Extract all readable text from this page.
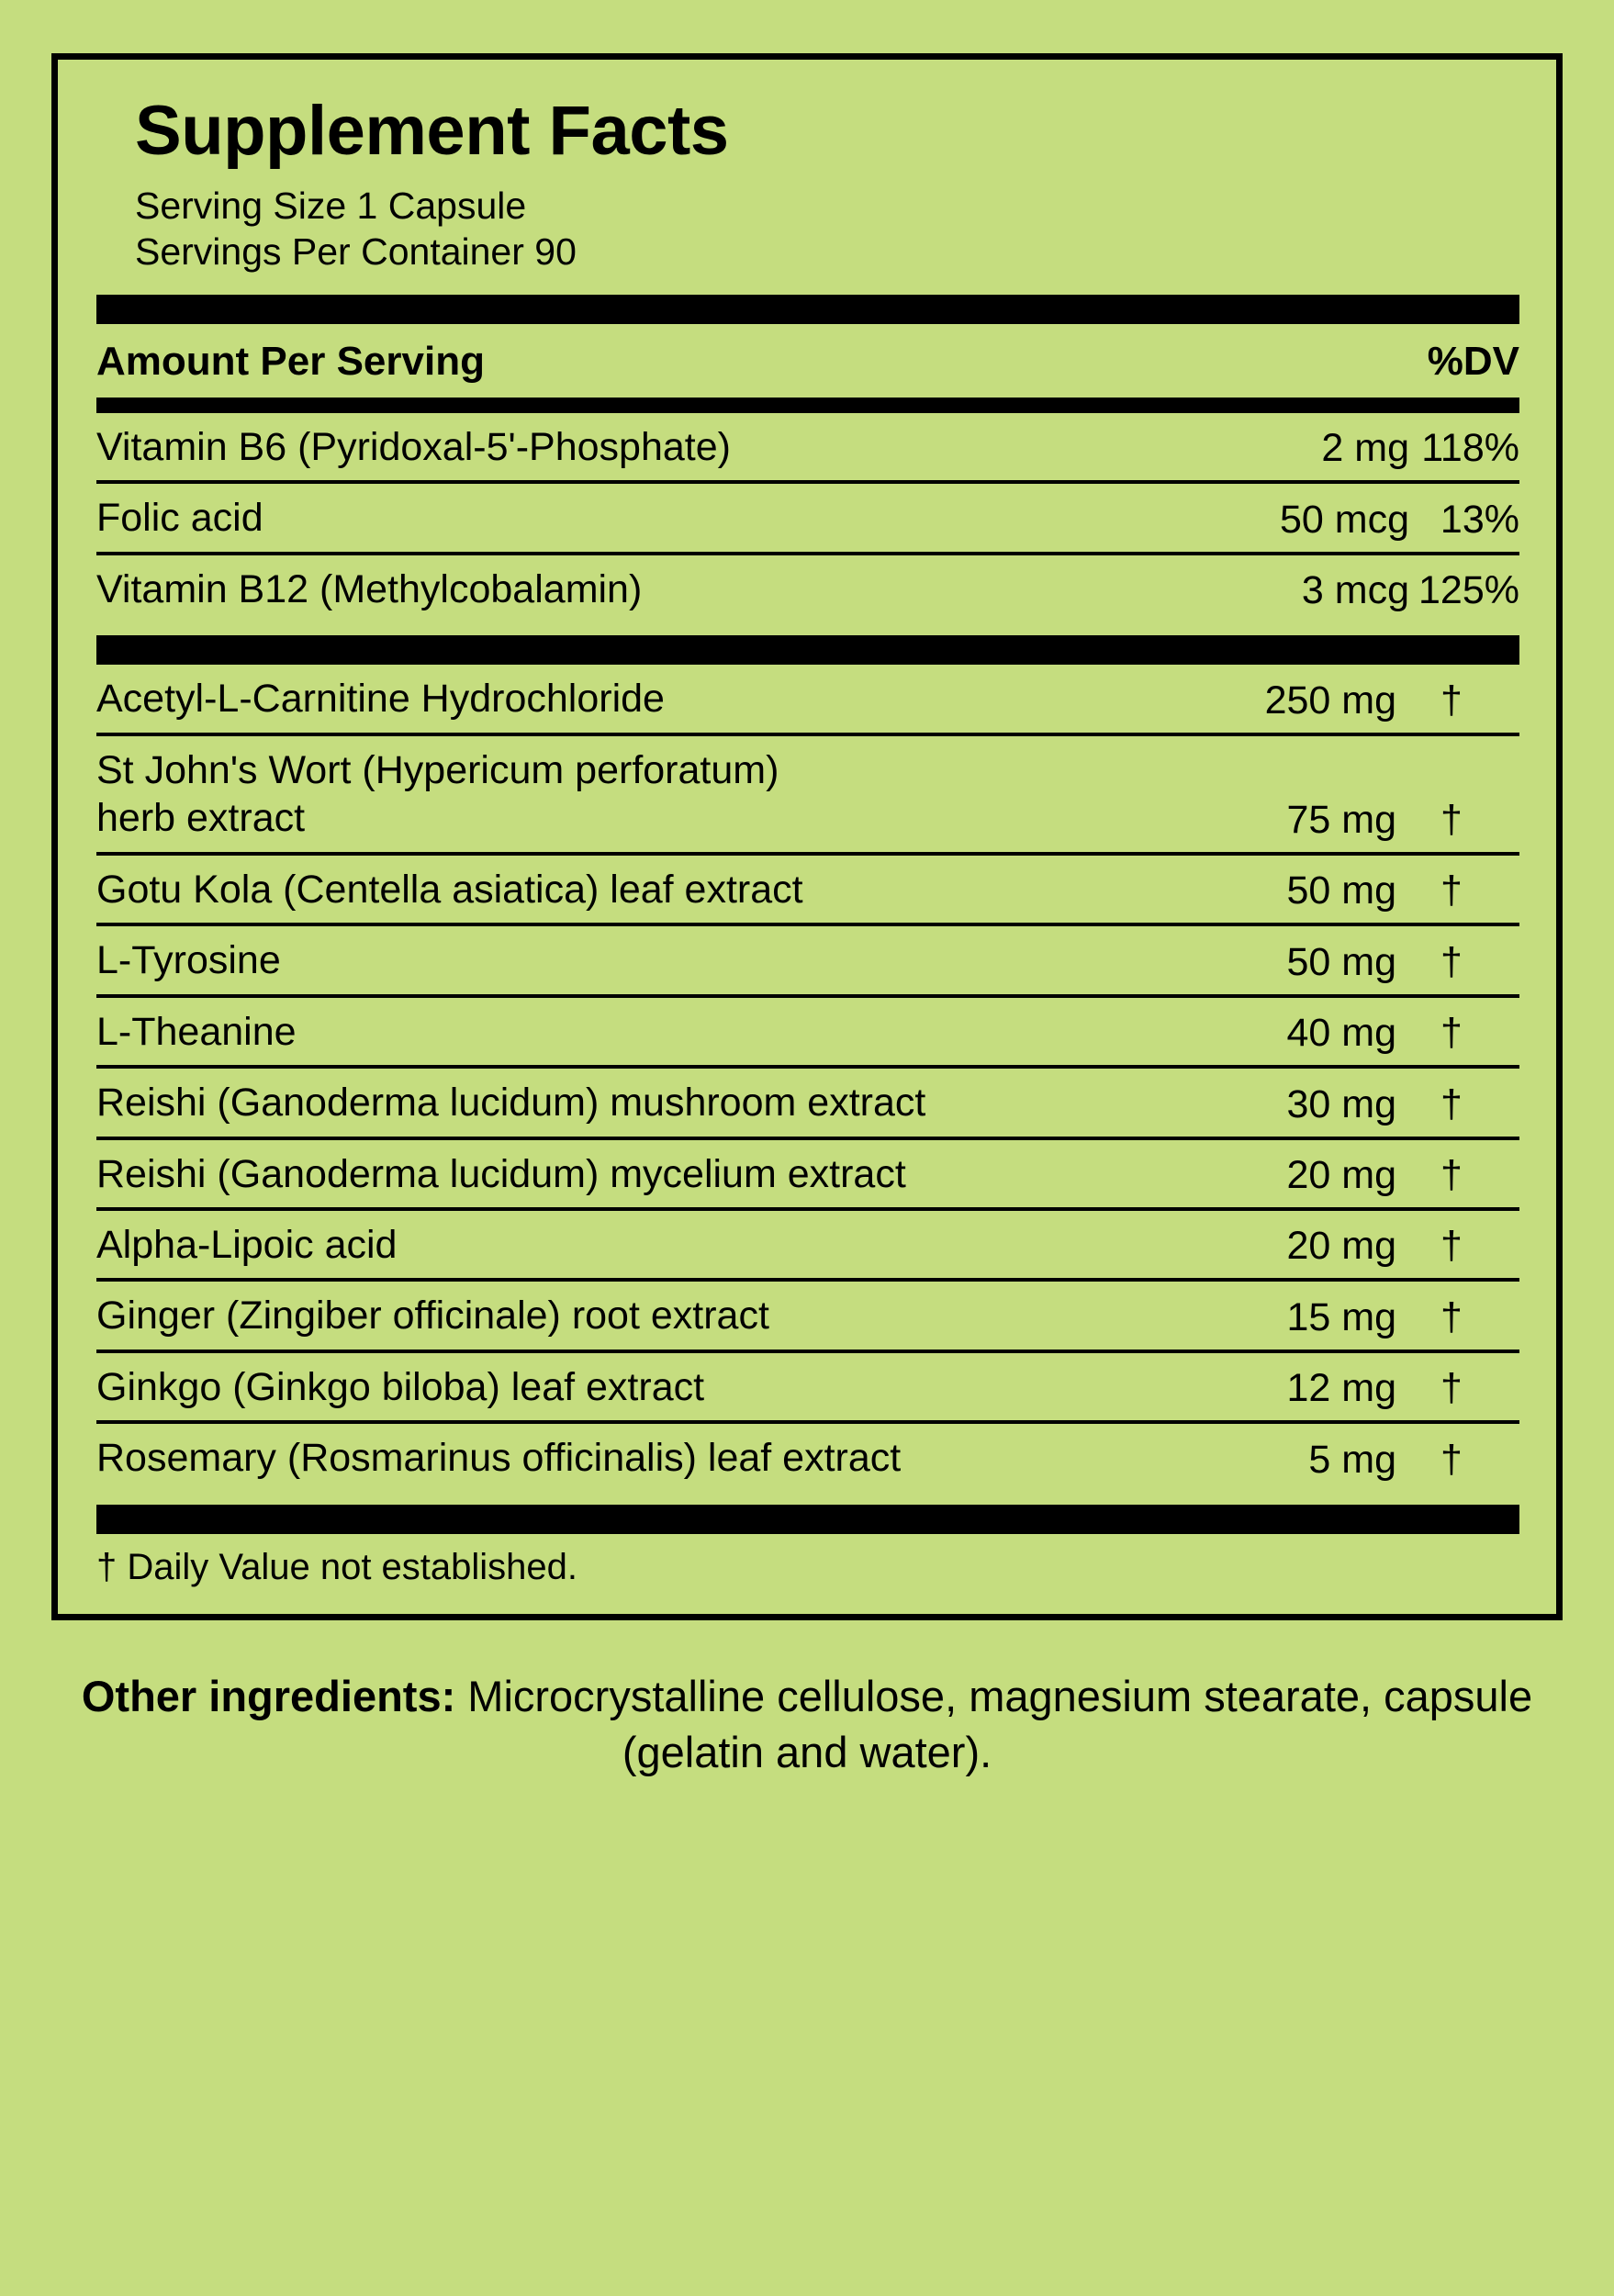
Supplement Facts
Serving Size 1 Capsule
Servings Per Container 90
Amount Per Serving	%DV
Vitamin B6 (Pyridoxal-5'-Phosphate)	2 mg	118%
Folic acid	50 mcg	13%
Vitamin B12 (Methylcobalamin)	3 mcg	125%
Acetyl-L-Carnitine Hydrochloride	250 mg	†
St John's Wort (Hypericum perforatum)
herb extract	75 mg	†
Gotu Kola (Centella asiatica) leaf extract	50 mg	†
L-Tyrosine	50 mg	†
L-Theanine	40 mg	†
Reishi (Ganoderma lucidum) mushroom extract	30 mg	†
Reishi (Ganoderma lucidum) mycelium extract	20 mg	†
Alpha-Lipoic acid	20 mg	†
Ginger (Zingiber officinale) root extract	15 mg	†
Ginkgo (Ginkgo biloba) leaf extract	12 mg	†
Rosemary (Rosmarinus officinalis) leaf extract	5 mg	†
† Daily Value not established.
Other ingredients: Microcrystalline cellulose, magnesium stearate, capsule (gelatin and water).
